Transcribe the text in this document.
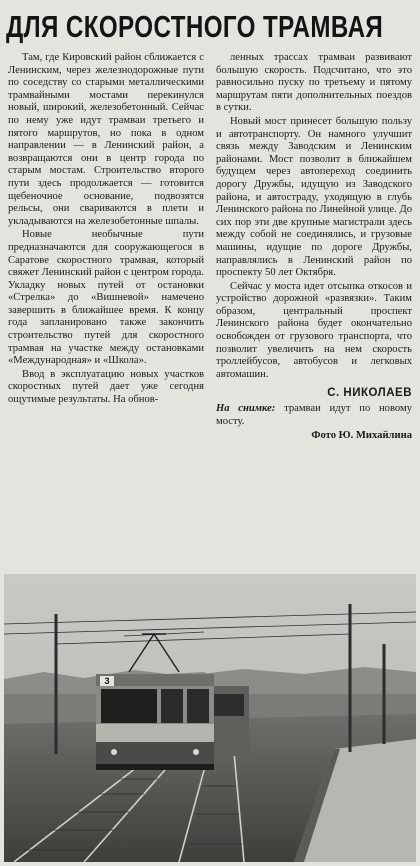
ДЛЯ СКОРОСТНОГО ТРАМВАЯ

Там, где Кировский район сближается с Ленинским, через железнодорожные пути по соседству со старыми металлическими трамвайными мостами перекинулся новый, широкий, железобетонный. Сейчас по нему уже идут трамваи третьего и пятого маршрутов, но пока в одном направлении — в Ленинский район, а возвращаются они в центр города по старым мостам. Строительство второго пути здесь продолжается — готовится щебеночное основание, подвозятся рельсы, они свариваются в плети и укладываются на железобетонные шпалы.

Новые необычные пути предназначаются для сооружающегося в Саратове скоростного трамвая, который свяжет Ленинский район с центром города. Укладку новых путей от остановки «Стрелка» до «Вишневой» намечено завершить в ближайшее время. К концу года запланировано также закончить строительство путей для скоростного трамвая на участке между остановками «Международная» и «Школа».

Ввод в эксплуатацию новых участков скоростных путей дает уже сегодня ощутимые результаты. На обнов-

ленных трассах трамваи развивают большую скорость. Подсчитано, что это равносильно пуску по третьему и пятому маршрутам пяти дополнительных поездов в сутки.

Новый мост принесет большую пользу и автотранспорту. Он намного улучшит связь между Заводским и Ленинским районами. Мост позволит в ближайшем будущем через автопереход соединить дорогу Дружбы, идущую из Заводского района, и автостраду, уходящую в глубь Ленинского района по Линейной улице. До сих пор эти две крупные магистрали здесь между собой не соединялись, и грузовые машины, идущие по дороге Дружбы, направлялись в Ленинский район по проспекту 50 лет Октября.

Сейчас у моста идет отсыпка откосов и устройство дорожной «развязки». Таким образом, центральный проспект Ленинского района будет окончательно освобожден от грузового транспорта, что позволит увеличить на нем скорость троллейбусов, автобусов и легковых автомашин.

С. НИКОЛАЕВ
На снимке: трамваи идут по новому мосту.
Фото Ю. Михайлина
3
